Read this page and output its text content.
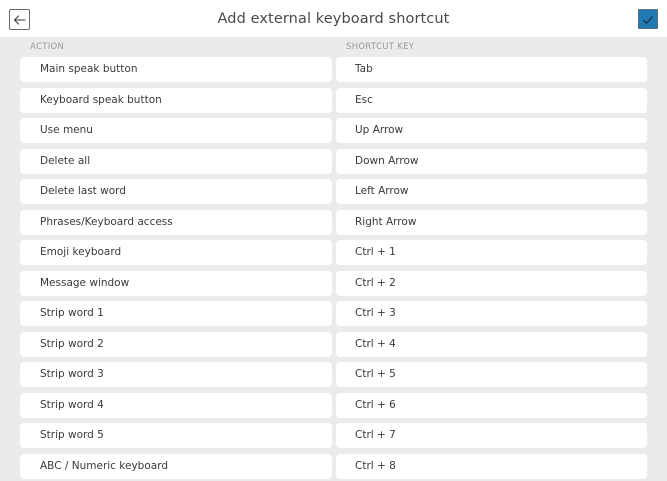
Add external keyboard shortcut
ACTION	SHORTCUT KEY
Main speak button	Tab
Keyboard speak button	Esc
Use menu	Up Arrow
Delete all	Down Arrow
Delete last word	Left Arrow
Phrases/Keyboard access	Right Arrow
Emoji keyboard	Ctrl + 1
Message window	Ctrl + 2
Strip word 1	Ctrl + 3
Strip word 2	Ctrl + 4
Strip word 3	Ctrl + 5
Strip word 4	Ctrl + 6
Strip word 5	Ctrl + 7
ABC / Numeric keyboard	Ctrl + 8
